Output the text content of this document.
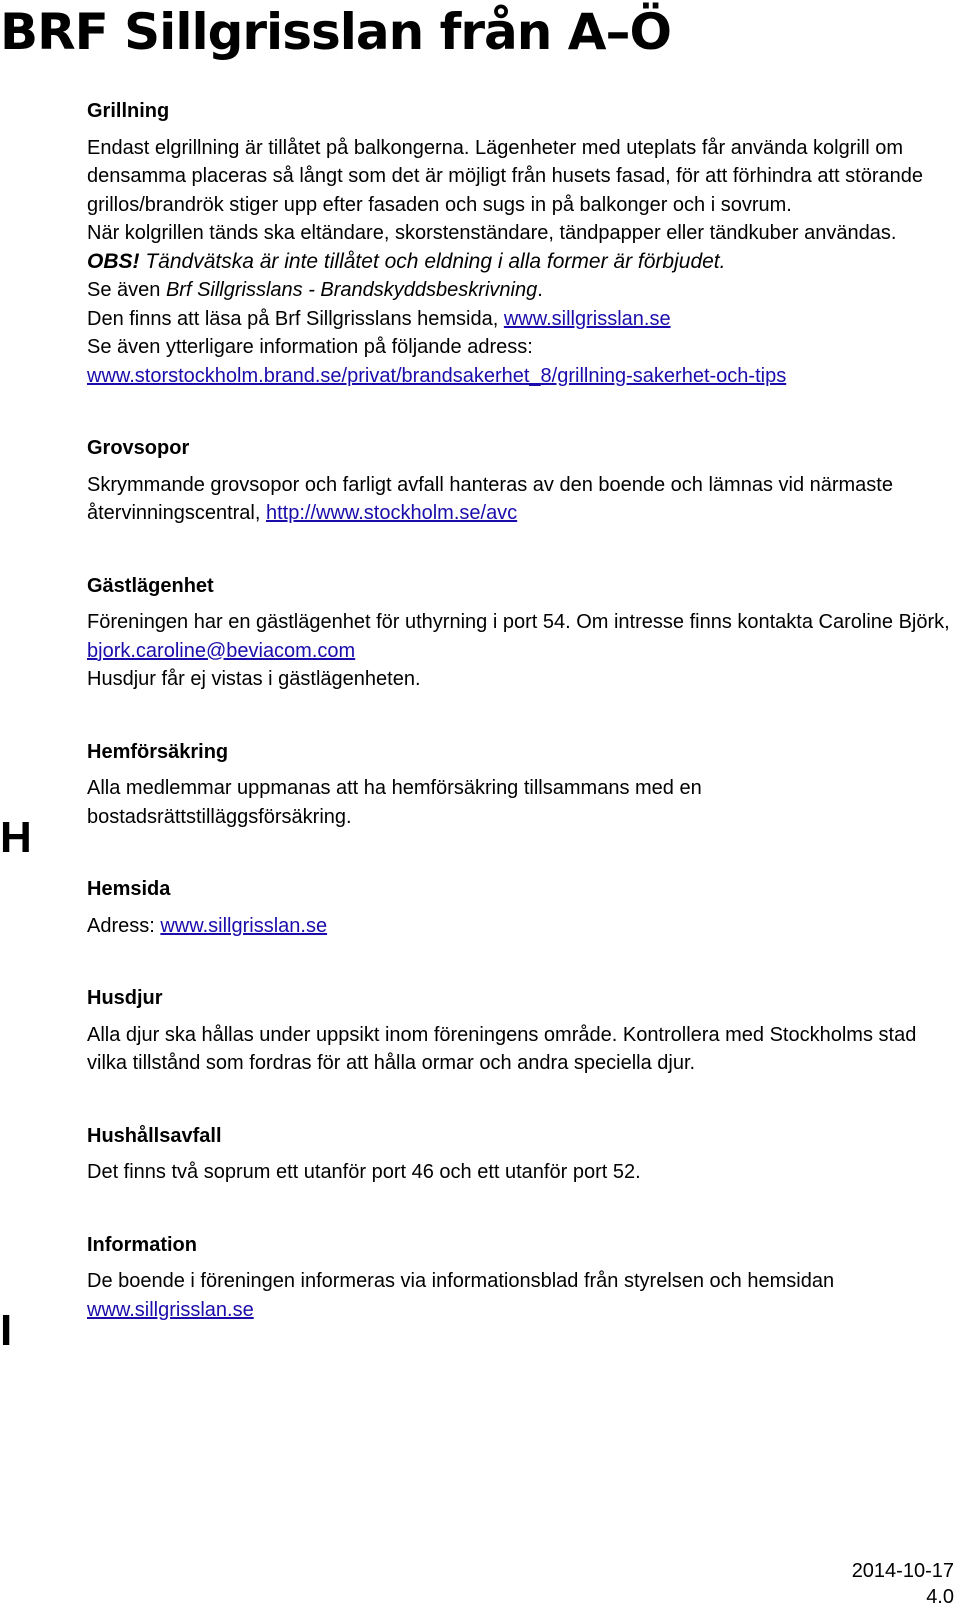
BRF Sillgrisslan från A–Ö
H
I
Grillning

Endast elgrillning är tillåtet på balkongerna. Lägenheter med uteplats får använda kolgrill om densamma placeras så långt som det är möjligt från husets fasad, för att förhindra att störande grillos/brandrök stiger upp efter fasaden och sugs in på balkonger och i sovrum.

När kolgrillen tänds ska eltändare, skorstenständare, tändpapper eller tändkuber användas.

OBS! Tändvätska är inte tillåtet och eldning i alla former är förbjudet.

Se även Brf Sillgrisslans - Brandskyddsbeskrivning.

Den finns att läsa på Brf Sillgrisslans hemsida, www.sillgrisslan.se

Se även ytterligare information på följande adress:

www.storstockholm.brand.se/privat/brandsakerhet_8/grillning-sakerhet-och-tips

Grovsopor

Skrymmande grovsopor och farligt avfall hanteras av den boende och lämnas vid närmaste återvinningscentral, http://www.stockholm.se/avc

Gästlägenhet

Föreningen har en gästlägenhet för uthyrning i port 54. Om intresse finns kontakta Caroline Björk, bjork.caroline@beviacom.com

Husdjur får ej vistas i gästlägenheten.

Hemförsäkring

Alla medlemmar uppmanas att ha hemförsäkring tillsammans med en bostadsrättstilläggsförsäkring.

Hemsida

Adress: www.sillgrisslan.se

Husdjur

Alla djur ska hållas under uppsikt inom föreningens område. Kontrollera med Stockholms stad vilka tillstånd som fordras för att hålla ormar och andra speciella djur.

Hushållsavfall

Det finns två soprum ett utanför port 46 och ett utanför port 52.

Information

De boende i föreningen informeras via informationsblad från styrelsen och hemsidan www.sillgrisslan.se

2014-10-17
4.0
